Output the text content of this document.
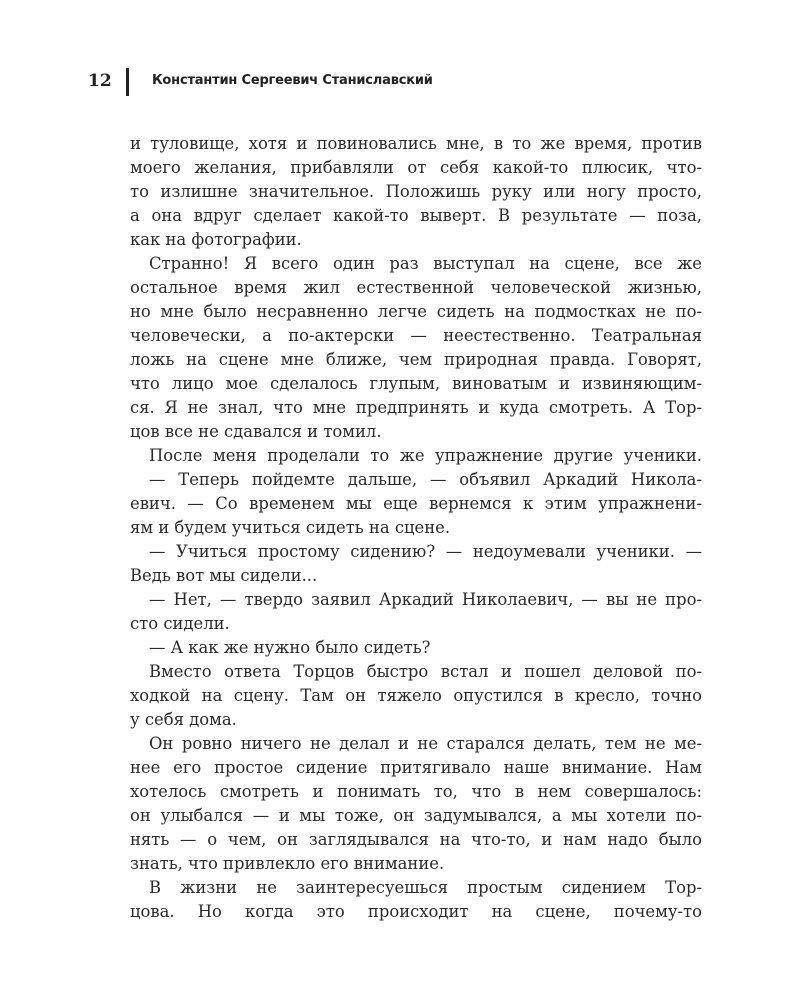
12	Константин Сергеевич Станиславский
и туловище, хотя и повиновались мне, в то же время, против
моего желания, прибавляли от себя какой-то плюсик, что-
то излишне значительное. Положишь руку или ногу просто,
а она вдруг сделает какой-то выверт. В результате — поза,
как на фотографии.
Странно! Я всего один раз выступал на сцене, все же
остальное время жил естественной человеческой жизнью,
но мне было несравненно легче сидеть на подмостках не по-
человечески, а по-актерски — неестественно. Театральная
ложь на сцене мне ближе, чем природная правда. Говорят,
что лицо мое сделалось глупым, виноватым и извиняющим-
ся. Я не знал, что мне предпринять и куда смотреть. А Тор-
цов все не сдавался и томил.
После меня проделали то же упражнение другие ученики.
— Теперь пойдемте дальше, — объявил Аркадий Никола-
евич. — Со временем мы еще вернемся к этим упражнени-
ям и будем учиться сидеть на сцене.
— Учиться простому сидению? — недоумевали ученики. —
Ведь вот мы сидели...
— Нет, — твердо заявил Аркадий Николаевич, — вы не про-
сто сидели.
— А как же нужно было сидеть?
Вместо ответа Торцов быстро встал и пошел деловой по-
ходкой на сцену. Там он тяжело опустился в кресло, точно
у себя дома.
Он ровно ничего не делал и не старался делать, тем не ме-
нее его простое сидение притягивало наше внимание. Нам
хотелось смотреть и понимать то, что в нем совершалось:
он улыбался — и мы тоже, он задумывался, а мы хотели по-
нять — о чем, он заглядывался на что-то, и нам надо было
знать, что привлекло его внимание.
В жизни не заинтересуешься простым сидением Тор-
цова. Но когда это происходит на сцене, почему-то
